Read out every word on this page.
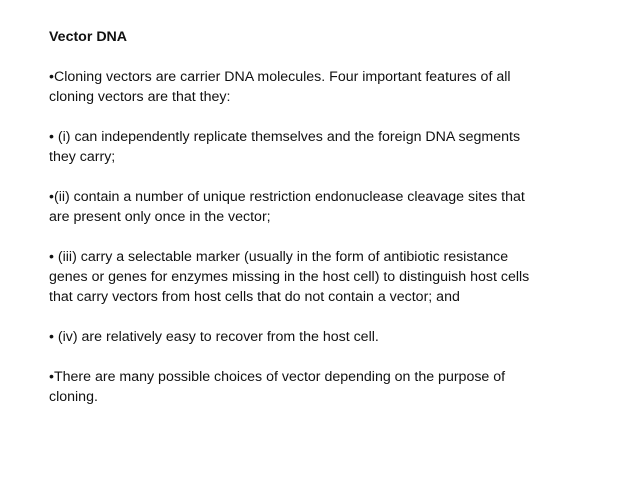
Vector DNA
•Cloning vectors are carrier DNA molecules. Four important features of all
cloning vectors are that they:
• (i) can independently replicate themselves and the foreign DNA segments
they carry;
•(ii) contain a number of unique restriction endonuclease cleavage sites that
are present only once in the vector;
• (iii) carry a selectable marker (usually in the form of antibiotic resistance
genes or genes for enzymes missing in the host cell) to distinguish host cells
that carry vectors from host cells that do not contain a vector; and
• (iv) are relatively easy to recover from the host cell.
•There are many possible choices of vector depending on the purpose of
cloning.
